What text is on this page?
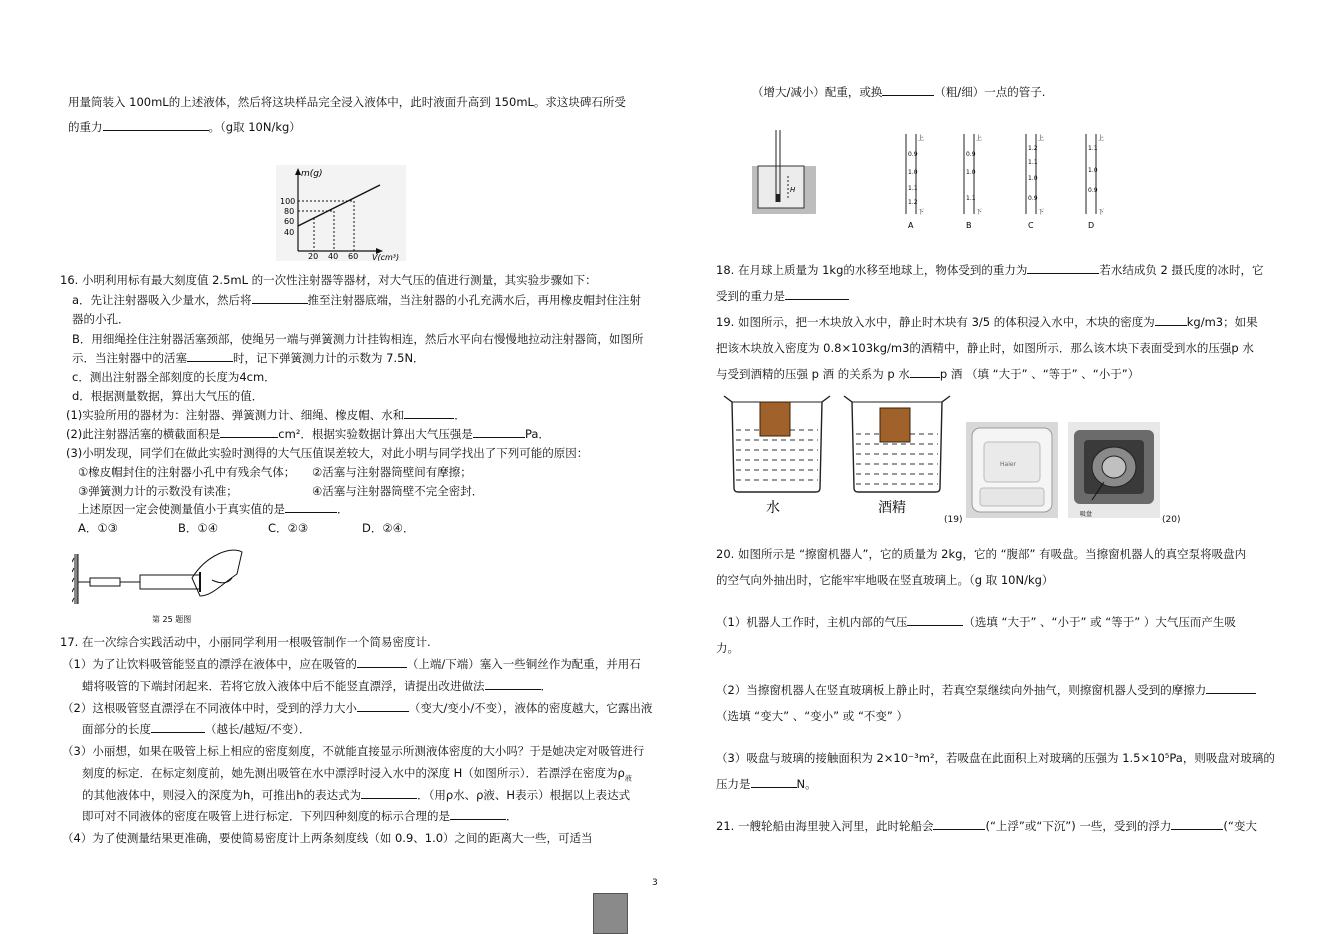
用量筒装入 100mL的上述液体，然后将这块样品完全浸入液体中，此时液面升高到 150mL。求这块碑石所受
的重力	。（g取 10N/kg）
m(g)
V(cm³)
100
80
60
40
20 40 60
16. 小明利用标有最大刻度值 2.5mL 的一次性注射器等器材，对大气压的值进行测量，其实验步骤如下：
a．先让注射器吸入少量水，然后将	推至注射器底端，当注射器的小孔充满水后，再用橡皮帽封住注射
器的小孔．
B．用细绳拴住注射器活塞颈部，使绳另一端与弹簧测力计挂钩相连，然后水平向右慢慢地拉动注射器筒，如图所
示．当注射器中的活塞	时，记下弹簧测力计的示数为 7.5N．
c．测出注射器全部刻度的长度为4cm．
d．根据测量数据，算出大气压的值．
(1)实验所用的器材为：注射器、弹簧测力计、细绳、橡皮帽、水和	．
(2)此注射器活塞的横截面积是	cm²．根据实验数据计算出大气压强是	Pa．
(3)小明发现，同学们在做此实验时测得的大气压值误差较大，对此小明与同学找出了下列可能的原因：
①橡皮帽封住的注射器小孔中有残余气体； ②活塞与注射器筒壁间有摩擦；
③弹簧测力计的示数没有读准；	④活塞与注射器筒壁不完全密封．
上述原因一定会使测量值小于真实值的是	．
A．①③	B．①④	C．②③	D．②④．
第 25 题图
17. 在一次综合实践活动中，小丽同学利用一根吸管制作一个简易密度计.
（1）为了让饮料吸管能竖直的漂浮在液体中，应在吸管的	（上端/下端）塞入一些铜丝作为配重，并用石
蜡将吸管的下端封闭起来．若将它放入液体中后不能竖直漂浮，请提出改进做法	．
（2）这根吸管竖直漂浮在不同液体中时，受到的浮力大小	（变大/变小/不变），液体的密度越大，它露出液
面部分的长度	（越长/越短/不变）．
（3）小丽想，如果在吸管上标上相应的密度刻度，不就能直接显示所测液体密度的大小吗？于是她决定对吸管进行
刻度的标定．在标定刻度前，她先测出吸管在水中漂浮时浸入水中的深度 H（如图所示）．若漂浮在密度为$\rho_液$
的其他液体中，则浸入的深度为h，可推出h的表达式为	．（用ρ水、ρ液、H表示）根据以上表达式
即可对不同液体的密度在吸管上进行标定．下列四种刻度的标示合理的是	．
（4）为了使测量结果更准确，要使简易密度计上两条刻度线（如 0.9、1.0）之间的距离大一些，可适当
（增大/减小）配重，或换	（粗/细）一点的管子.
H
上
0.9
1.0
1.1
1.2
下
上
0.9
1.0
1.1
下
上
1.2
1.1
1.0
0.9
下
上
1.1
1.0
0.9
下
A	B	C	D
18. 在月球上质量为 1kg的水移至地球上，物体受到的重力为	若水结成负 2 摄氏度的冰时，它
受到的重力是
19. 如图所示，把一木块放入水中，静止时木块有 3/5 的体积浸入水中，木块的密度为	kg/m3；如果
把该木块放入密度为 0.8×103kg/m3的酒精中，静止时，如图所示．那么该木块下表面受到水的压强p 水
与受到酒精的压强 p 酒 的关系为 p 水	p 酒 （填 “大于” 、“等于” 、“小于”）
水	酒精
Haier
吸盘
(19)	(20)
20. 如图所示是 “擦窗机器人”，它的质量为 2kg，它的 “腹部” 有吸盘。当擦窗机器人的真空泵将吸盘内
的空气向外抽出时，它能牢牢地吸在竖直玻璃上。（g 取 10N/kg）
（1）机器人工作时，主机内部的气压	（选填 “大于” 、“小于” 或 “等于” ）大气压而产生吸
力。
（2）当擦窗机器人在竖直玻璃板上静止时，若真空泵继续向外抽气，则擦窗机器人受到的摩擦力
（选填 “变大” 、“变小” 或 “不变” ）
（3）吸盘与玻璃的接触面积为 2×10⁻³m²，若吸盘在此面积上对玻璃的压强为 1.5×10⁵Pa，则吸盘对玻璃的
压力是	N。
21. 一艘轮船由海里驶入河里，此时轮船会	(“上浮”或“下沉”) 一些，受到的浮力	(“变大
3
